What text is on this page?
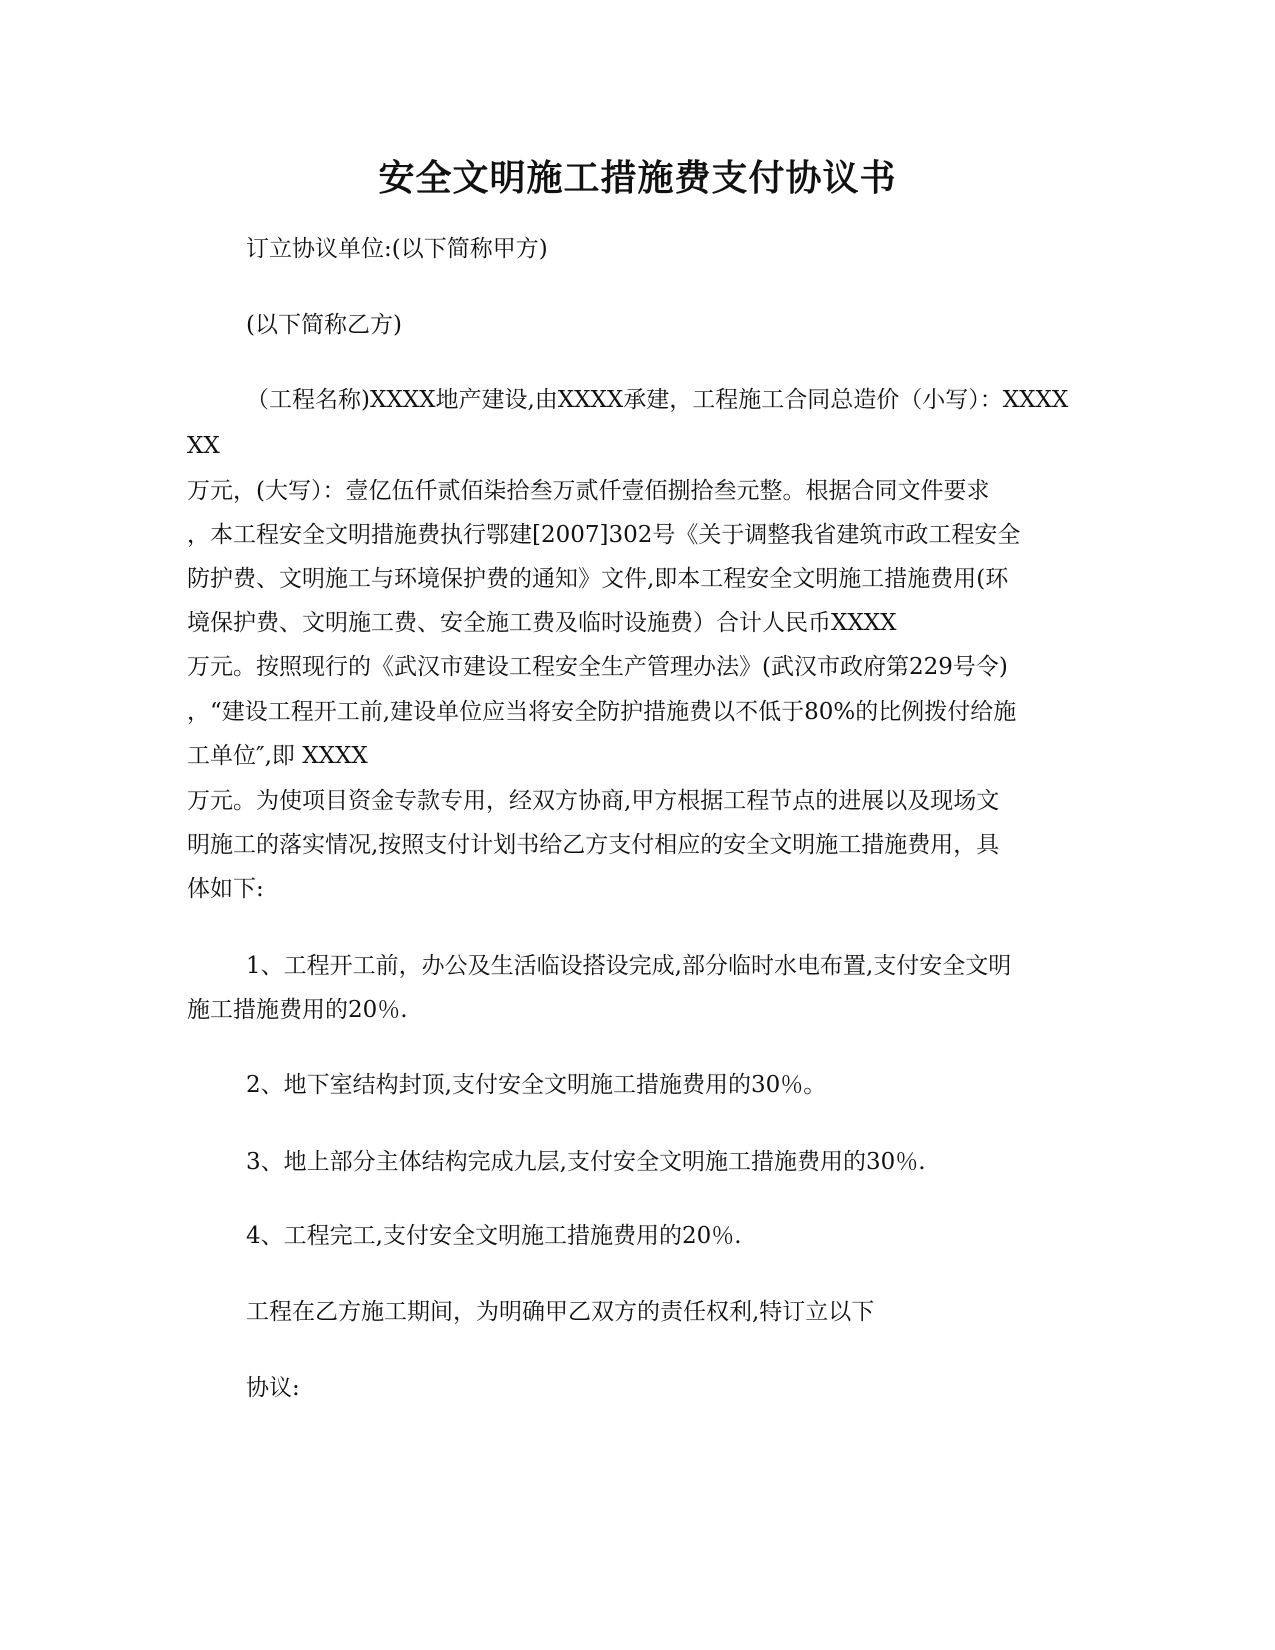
安全文明施工措施费支付协议书

订立协议单位:(以下简称甲方)

(以下简称乙方)

（工程名称)XXXX地产建设,由XXXX承建，工程施工合同总造价（小写）：XXXX

XX

万元，(大写）：壹亿伍仟贰佰柒拾叁万贰仟壹佰捌拾叁元整。根据合同文件要求

，本工程安全文明措施费执行鄂建[2007]302号《关于调整我省建筑市政工程安全

防护费、文明施工与环境保护费的通知》文件,即本工程安全文明施工措施费用(环

境保护费、文明施工费、安全施工费及临时设施费）合计人民币XXXX

万元。按照现行的《武汉市建设工程安全生产管理办法》(武汉市政府第229号令)

，“建设工程开工前,建设单位应当将安全防护措施费以不低于80%的比例拨付给施

工单位″,即 XXXX

万元。为使项目资金专款专用，经双方协商,甲方根据工程节点的进展以及现场文

明施工的落实情况,按照支付计划书给乙方支付相应的安全文明施工措施费用，具

体如下:

1、工程开工前，办公及生活临设搭设完成,部分临时水电布置,支付安全文明

施工措施费用的20％.

2、地下室结构封顶,支付安全文明施工措施费用的30％。

3、地上部分主体结构完成九层,支付安全文明施工措施费用的30％.

4、工程完工,支付安全文明施工措施费用的20％.

工程在乙方施工期间，为明确甲乙双方的责任权利,特订立以下

协议:
